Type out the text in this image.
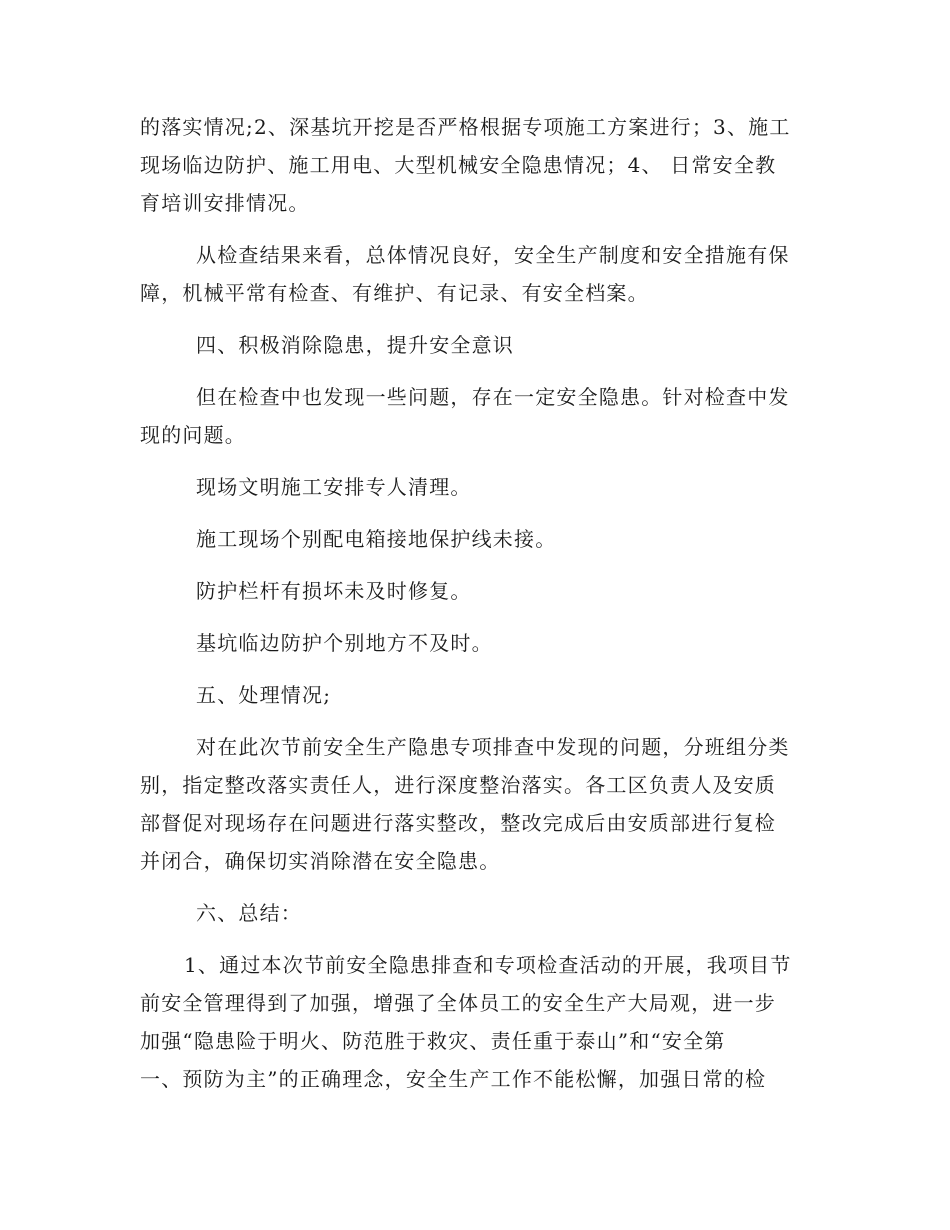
的落实情况;2、深基坑开挖是否严格根据专项施工方案进行；3、施工
现场临边防护、施工用电、大型机械安全隐患情况；4、 日常安全教
育培训安排情况。
从检查结果来看，总体情况良好，安全生产制度和安全措施有保
障，机械平常有检查、有维护、有记录、有安全档案。
四、积极消除隐患，提升安全意识
但在检查中也发现一些问题，存在一定安全隐患。针对检查中发
现的问题。
现场文明施工安排专人清理。
施工现场个别配电箱接地保护线未接。
防护栏杆有损坏未及时修复。
基坑临边防护个别地方不及时。
五、处理情况;
对在此次节前安全生产隐患专项排查中发现的问题，分班组分类
别，指定整改落实责任人，进行深度整治落实。各工区负责人及安质
部督促对现场存在问题进行落实整改，整改完成后由安质部进行复检
并闭合，确保切实消除潜在安全隐患。
六、总结：
1、通过本次节前安全隐患排查和专项检查活动的开展，我项目节
前安全管理得到了加强，增强了全体员工的安全生产大局观，进一步
加强“隐患险于明火、防范胜于救灾、责任重于泰山”和“安全第
一、预防为主”的正确理念，安全生产工作不能松懈，加强日常的检
